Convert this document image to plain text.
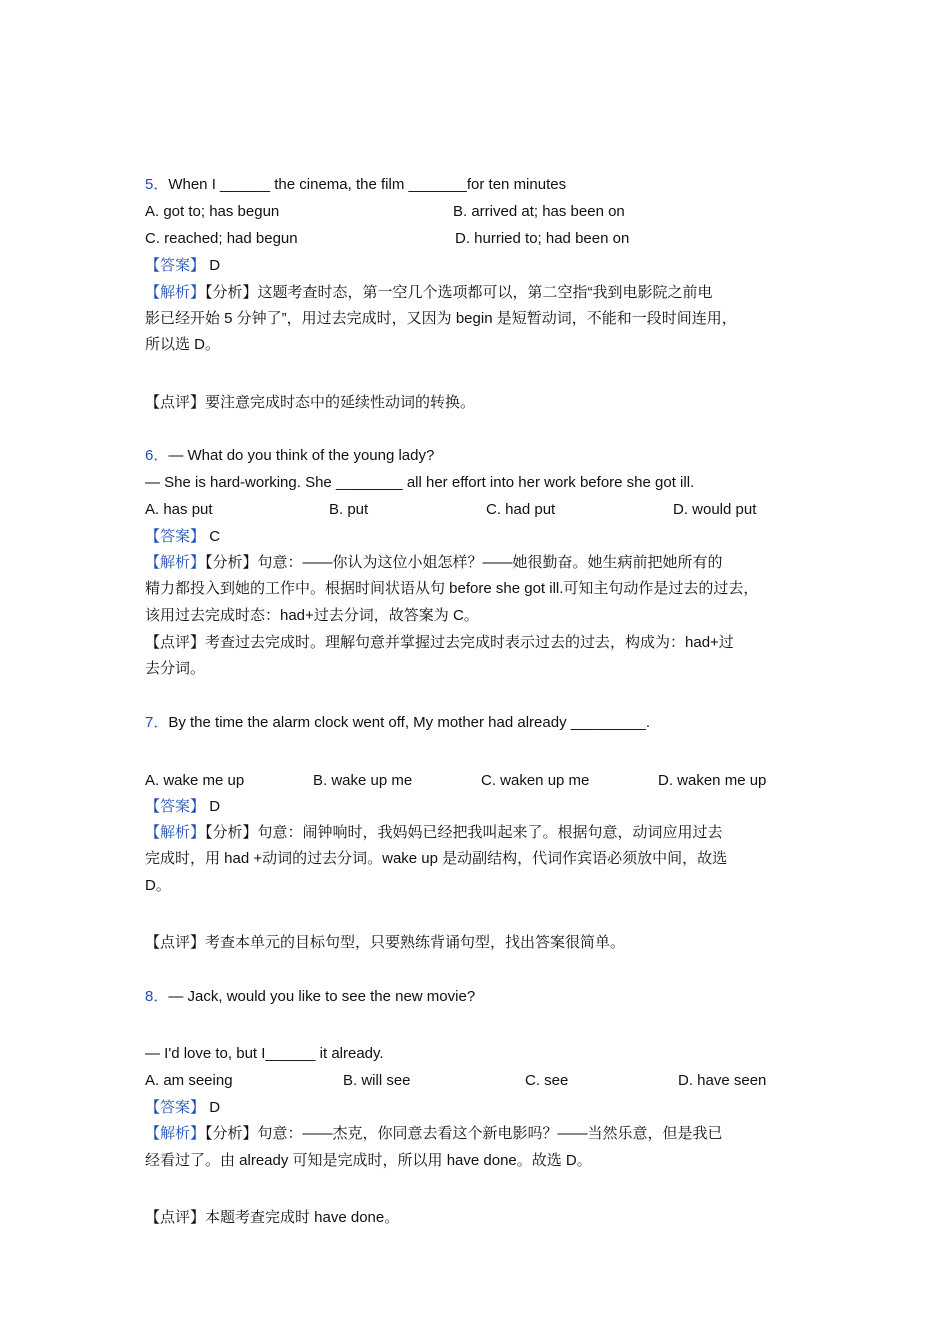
5．When I ______ the cinema, the film _______for ten minutes
A. got to; has begun	B. arrived at; has been on
C. reached; had begun	D. hurried to; had been on
【答案】 D
【解析】【分析】这题考查时态，第一空几个选项都可以，第二空指“我到电影院之前电
影已经开始 5 分钟了”，用过去完成时，又因为 begin 是短暂动词，不能和一段时间连用，
所以选 D。
【点评】要注意完成时态中的延续性动词的转换。
6．— What do you think of the young lady?
— She is hard-working. She ________ all her effort into her work before she got ill.
A. has put	B. put	C. had put	D. would put
【答案】 C
【解析】【分析】句意：——你认为这位小姐怎样？——她很勤奋。她生病前把她所有的
精力都投入到她的工作中。根据时间状语从句 before she got ill.可知主句动作是过去的过去，
该用过去完成时态：had+过去分词，故答案为 C。
【点评】考查过去完成时。理解句意并掌握过去完成时表示过去的过去，构成为：had+过
去分词。
7．By the time the alarm clock went off, My mother had already _________.
A. wake me up	B. wake up me	C. waken up me	D. waken me up
【答案】 D
【解析】【分析】句意：闹钟响时，我妈妈已经把我叫起来了。根据句意，动词应用过去
完成时，用 had +动词的过去分词。wake up 是动副结构，代词作宾语必须放中间，故选
D。
【点评】考查本单元的目标句型，只要熟练背诵句型，找出答案很简单。
8．— Jack, would you like to see the new movie?
— I'd love to, but I______ it already.
A. am seeing	B. will see	C. see	D. have seen
【答案】 D
【解析】【分析】句意：——杰克，你同意去看这个新电影吗？——当然乐意，但是我已
经看过了。由 already 可知是完成时，所以用 have done。故选 D。
【点评】本题考查完成时 have done。
